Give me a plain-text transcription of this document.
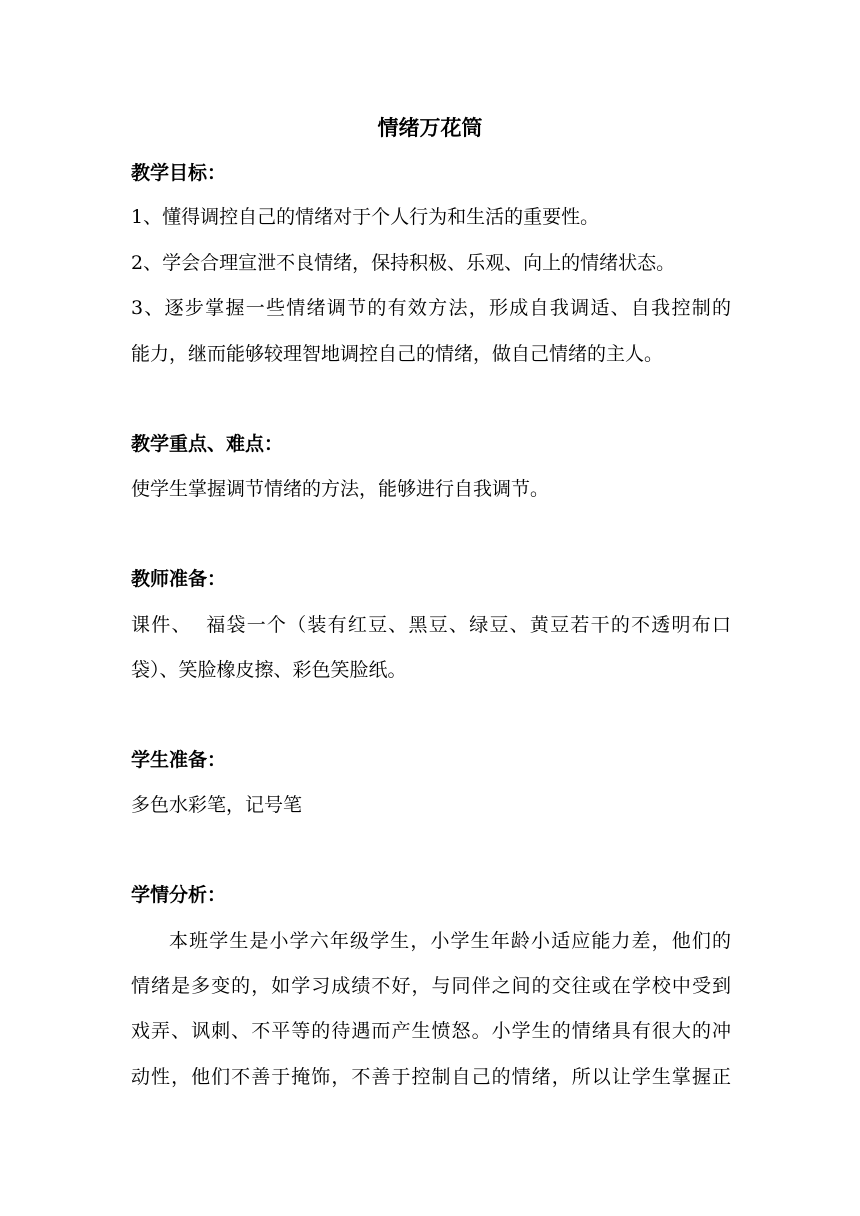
情绪万花筒
教学目标：
1、懂得调控自己的情绪对于个人行为和生活的重要性。
2、学会合理宣泄不良情绪，保持积极、乐观、向上的情绪状态。
3、逐步掌握一些情绪调节的有效方法，形成自我调适、自我控制的
能力，继而能够较理智地调控自己的情绪，做自己情绪的主人。
教学重点、难点：
使学生掌握调节情绪的方法，能够进行自我调节。
教师准备：
课件、  福袋一个（装有红豆、黑豆、绿豆、黄豆若干的不透明布口
袋）、笑脸橡皮擦、彩色笑脸纸。
学生准备：
多色水彩笔，记号笔
学情分析：
本班学生是小学六年级学生，小学生年龄小适应能力差，他们的
情绪是多变的，如学习成绩不好，与同伴之间的交往或在学校中受到
戏弄、讽刺、不平等的待遇而产生愤怒。小学生的情绪具有很大的冲
动性，他们不善于掩饰，不善于控制自己的情绪，所以让学生掌握正
